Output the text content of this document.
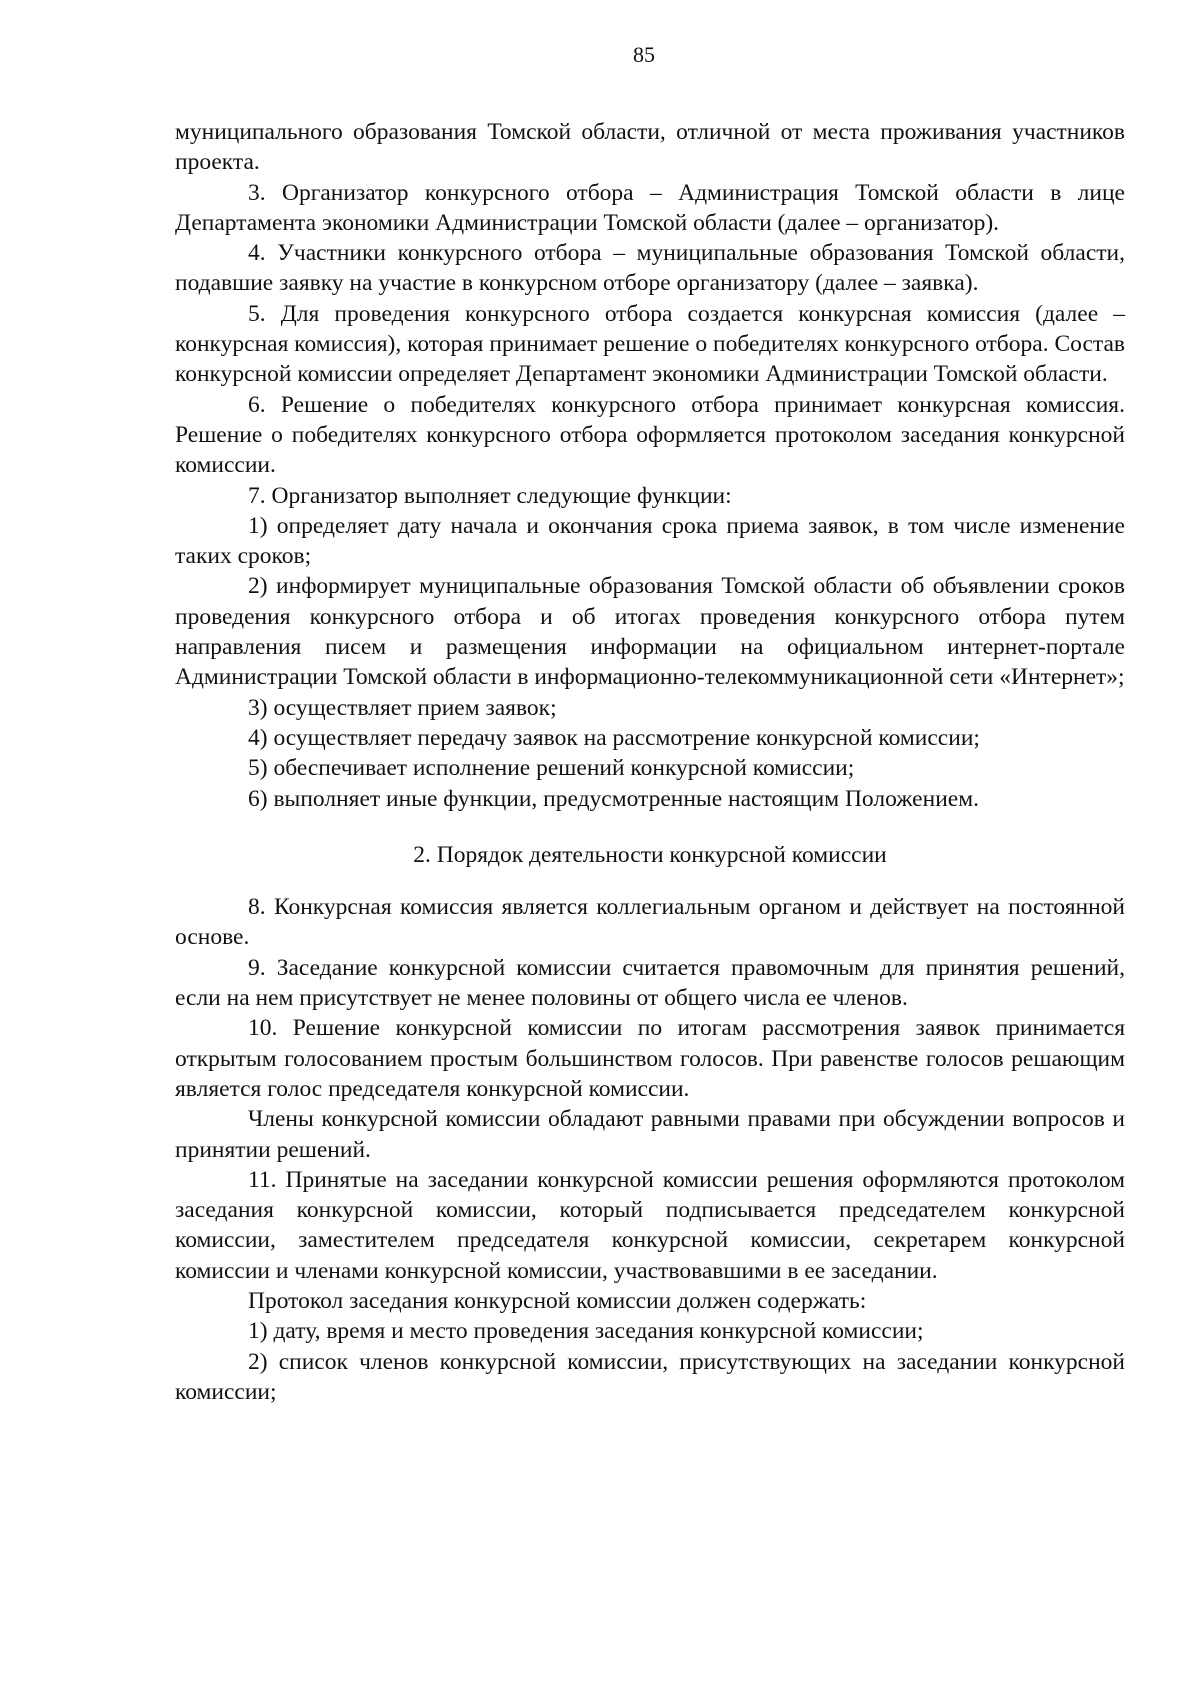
85

муниципального образования Томской области, отличной от места проживания участников проекта.

3. Организатор конкурсного отбора – Администрация Томской области в лице Департамента экономики Администрации Томской области (далее – организатор).

4. Участники конкурсного отбора – муниципальные образования Томской области, подавшие заявку на участие в конкурсном отборе организатору (далее – заявка).

5. Для проведения конкурсного отбора создается конкурсная комиссия (далее – конкурсная комиссия), которая принимает решение о победителях конкурсного отбора. Состав конкурсной комиссии определяет Департамент экономики Администрации Томской области.

6. Решение о победителях конкурсного отбора принимает конкурсная комиссия. Решение о победителях конкурсного отбора оформляется протоколом заседания конкурсной комиссии.

7. Организатор выполняет следующие функции:

1) определяет дату начала и окончания срока приема заявок, в том числе изменение таких сроков;

2) информирует муниципальные образования Томской области об объявлении сроков проведения конкурсного отбора и об итогах проведения конкурсного отбора путем направления писем и размещения информации на официальном интернет-портале Администрации Томской области в информационно-телекоммуникационной сети «Интернет»;

3) осуществляет прием заявок;

4) осуществляет передачу заявок на рассмотрение конкурсной комиссии;

5) обеспечивает исполнение решений конкурсной комиссии;

6) выполняет иные функции, предусмотренные настоящим Положением.

2. Порядок деятельности конкурсной комиссии

8. Конкурсная комиссия является коллегиальным органом и действует на постоянной основе.

9. Заседание конкурсной комиссии считается правомочным для принятия решений, если на нем присутствует не менее половины от общего числа ее членов.

10. Решение конкурсной комиссии по итогам рассмотрения заявок принимается открытым голосованием простым большинством голосов. При равенстве голосов решающим является голос председателя конкурсной комиссии.

Члены конкурсной комиссии обладают равными правами при обсуждении вопросов и принятии решений.

11. Принятые на заседании конкурсной комиссии решения оформляются протоколом заседания конкурсной комиссии, который подписывается председателем конкурсной комиссии, заместителем председателя конкурсной комиссии, секретарем конкурсной комиссии и членами конкурсной комиссии, участвовавшими в ее заседании.

Протокол заседания конкурсной комиссии должен содержать:

1) дату, время и место проведения заседания конкурсной комиссии;

2) список членов конкурсной комиссии, присутствующих на заседании конкурсной комиссии;
